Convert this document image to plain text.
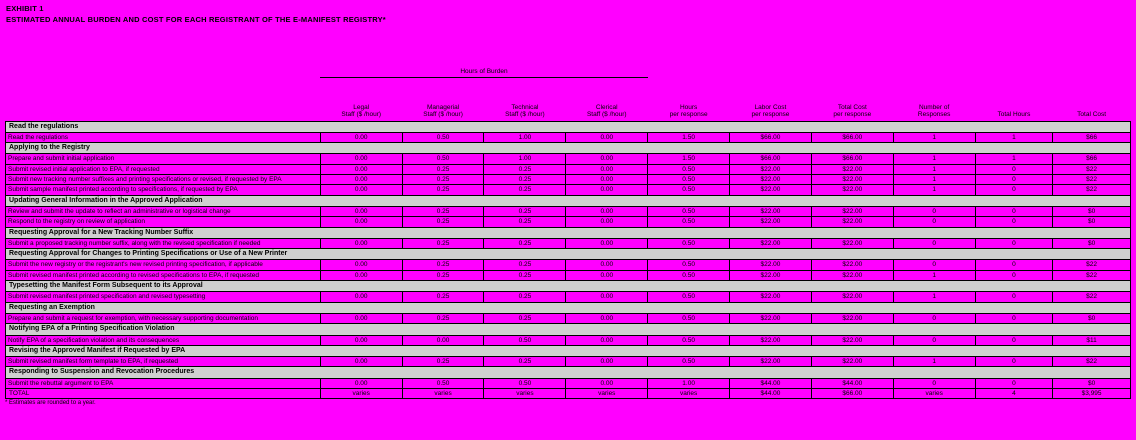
EXHIBIT 1
ESTIMATED ANNUAL BURDEN AND COST FOR EACH REGISTRANT OF THE E-MANIFEST REGISTRY*
	Hours of Burden									

	Legal
Staff ($ /hour)	Managerial
Staff ($ /hour)	Technical
Staff ($ /hour)	Clerical
Staff ($ /hour)	Hours
per response	Labor Cost
per response	Total Cost
per response	Number of
Responses	Total Hours	Total Cost

Read the regulations										
Read the regulations	0.00	0.50	1.00	0.00	1.50	$66.00	$66.00	1	1	$66
Applying to the Registry										
Prepare and submit initial application	0.00	0.50	1.00	0.00	1.50	$66.00	$66.00	1	1	$66
Submit revised initial application to EPA, if requested	0.00	0.25	0.25	0.00	0.50	$22.00	$22.00	1	0	$22
Submit new tracking number suffixes and printing specifications or revised, if requested by EPA	0.00	0.25	0.25	0.00	0.50	$22.00	$22.00	1	0	$22
Submit sample manifest printed according to specifications, if requested by EPA	0.00	0.25	0.25	0.00	0.50	$22.00	$22.00	1	0	$22
Updating General Information in the Approved Application										
Review and submit the update to reflect an administrative or logistical change	0.00	0.25	0.25	0.00	0.50	$22.00	$22.00	0	0	$0
Respond to the registry on review of application	0.00	0.25	0.25	0.00	0.50	$22.00	$22.00	0	0	$0
Requesting Approval for a New Tracking Number Suffix										
Submit a proposed tracking number suffix, along with the revised specification if needed	0.00	0.25	0.25	0.00	0.50	$22.00	$22.00	0	0	$0
Requesting Approval for Changes to Printing Specifications or Use of a New Printer										
Submit the new registry or the registrant's new revised printing specification, if applicable	0.00	0.25	0.25	0.00	0.50	$22.00	$22.00	0	0	$22
Submit revised manifest printed according to revised specifications to EPA, if requested	0.00	0.25	0.25	0.00	0.50	$22.00	$22.00	1	0	$22
Typesetting the Manifest Form Subsequent to its Approval										
Submit revised manifest printed specification and revised typesetting	0.00	0.25	0.25	0.00	0.50	$22.00	$22.00	1	0	$22
Requesting an Exemption										
Prepare and submit a request for exemption, with necessary supporting documentation	0.00	0.25	0.25	0.00	0.50	$22.00	$22.00	0	0	$0
Notifying EPA of a Printing Specification Violation										
Notify EPA of a specification violation and its consequences	0.00	0.00	0.50	0.00	0.50	$22.00	$22.00	0	0	$11
Revising the Approved Manifest if Requested by EPA										
Submit revised manifest form template to EPA, if requested	0.00	0.25	0.25	0.00	0.50	$22.00	$22.00	1	0	$22
Responding to Suspension and Revocation Procedures										
Submit the rebuttal argument to EPA	0.00	0.50	0.50	0.00	1.00	$44.00	$44.00	0	0	$0
TOTAL	varies	varies	varies	varies	varies	$44.00	$66.00	varies	4	$3,995
* Estimates are rounded to a year.
